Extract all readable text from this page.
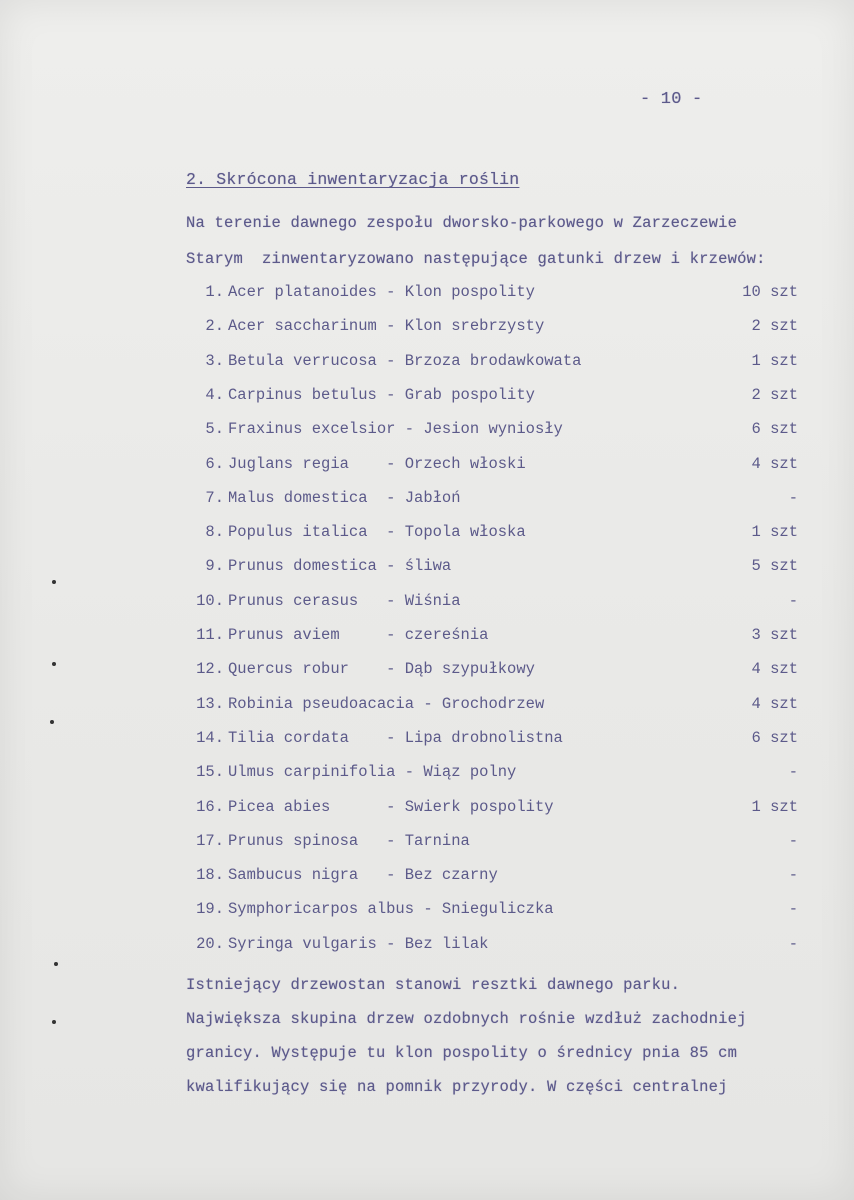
- 10 -
2. Skrócona inwentaryzacja roślin
Na terenie dawnego zespołu dworsko-parkowego w Zarzeczewie
Starym  zinwentaryzowano następujące gatunki drzew i krzewów:
1. Acer platanoides - Klon pospolity	10 szt
2. Acer saccharinum - Klon srebrzysty	2 szt
3. Betula verrucosa - Brzoza brodawkowata	1 szt
4. Carpinus betulus - Grab pospolity	2 szt
5. Fraxinus excelsior - Jesion wyniosły	6 szt
6. Juglans regia    - Orzech włoski	4 szt
7. Malus domestica  - Jabłoń	-
8. Populus italica  - Topola włoska	1 szt
9. Prunus domestica - śliwa	5 szt
10. Prunus cerasus   - Wiśnia	-
11. Prunus aviem     - czereśnia	3 szt
12. Quercus robur    - Dąb szypułkowy	4 szt
13. Robinia pseudoacacia - Grochodrzew	4 szt
14. Tilia cordata    - Lipa drobnolistna	6 szt
15. Ulmus carpinifolia - Wiąz polny	-
16. Picea abies      - Swierk pospolity	1 szt
17. Prunus spinosa   - Tarnina	-
18. Sambucus nigra   - Bez czarny	-
19. Symphoricarpos albus - Snieguliczka	-
20. Syringa vulgaris - Bez lilak	-
Istniejący drzewostan stanowi resztki dawnego parku.
Największa skupina drzew ozdobnych rośnie wzdłuż zachodniej
granicy. Występuje tu klon pospolity o średnicy pnia 85 cm
kwalifikujący się na pomnik przyrody. W części centralnej
